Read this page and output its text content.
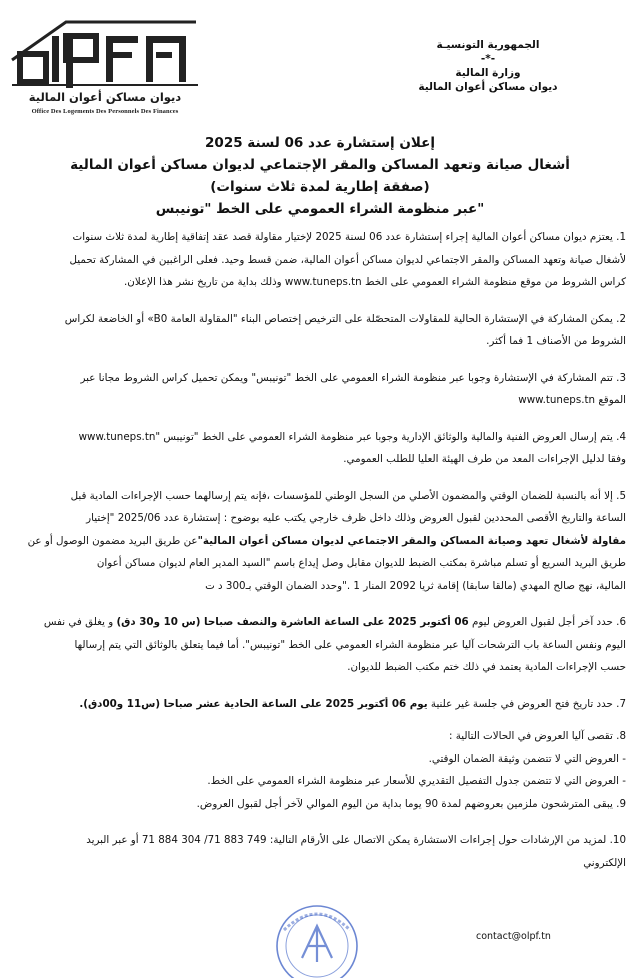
ديوان مساكن أعوان المالية
Office Des Logements Des Personnels Des Finances
الجمهورية التونسيـة
-*-
وزارة المالية
ديوان مساكن أعوان المالية
إعلان إستشارة عدد 06 لسنة 2025
أشغال صيانة وتعهد المساكن والمقر الإجتماعي لديوان مساكن أعوان المالية
(صفقة إطارية لمدة ثلاث سنوات)
"عبر منظومة الشراء العمومي على الخط "تونيبس
1. يعتزم ديوان مساكن أعوان المالية إجراء إستشارة عدد 06 لسنة 2025 لإختيار مقاولة قصد عقد إتفاقية إطارية لمدة ثلاث سنوات
لأشغال صيانة وتعهد المساكن والمقر الاجتماعي لديوان مساكن أعوان المالية، ضمن قسط وحيد. فعلى الراغبين في المشاركة تحميل
كراس الشروط من موقع منظومة الشراء العمومي على الخط www.tuneps.tn وذلك بداية من تاريخ نشر هذا الإعلان.
2. يمكن المشاركة في الإستشارة الحالية للمقاولات المتحصّلة على الترخيص إختصاص البناء "المقاولة العامة B0» أو الخاضعة لكراس
الشروط من الأصناف 1 فما أكثر.
3. تتم المشاركة في الإستشارة وجوبا عبر منظومة الشراء العمومي على الخط "تونيبس" ويمكن تحميل كراس الشروط مجانا عبر
الموقع www.tuneps.tn
4. يتم إرسال العروض الفنية والمالية والوثائق الإدارية وجوبا عبر منظومة الشراء العمومي على الخط "تونيبس "www.tuneps.tn
وفقا لدليل الإجراءات المعد من طرف الهيئة العليا للطلب العمومي.
5. إلا أنه بالنسبة للضمان الوقتي والمضمون الأصلي من السجل الوطني للمؤسسات ،فإنه يتم إرسالهما حسب الإجراءات المادية قبل
الساعة والتاريخ الأقصى المحددين لقبول العروض وذلك داخل ظرف خارجي يكتب عليه بوضوح : إستشارة عدد 2025/06 "إختيار
مقاولة لأشغال تعهد وصيانة المساكن والمقر الاجتماعي لديوان مساكن أعوان المالية"عن طريق البريد مضمون الوصول أو عن
طريق البريد السريع أو تسلم مباشرة بمكتب الضبط للديوان مقابل وصل إيداع باسم "السيد المدير العام لديوان مساكن أعوان
المالية، نهج صالح المهدي (مالقا سابقا) إقامة ثريا 2092 المنار 1 ."وحدد الضمان الوقتي بـ300 د ت
6. حدد آخر أجل لقبول العروض ليوم 06 أكتوبر 2025 على الساعة العاشرة والنصف صباحا (س 10 و30 دق) و يغلق في نفس
اليوم ونفس الساعة باب الترشحات آليا عبر منظومة الشراء العمومي على الخط "تونيبس". أما فيما يتعلق بالوثائق التي يتم إرسالها
حسب الإجراءات المادية يعتمد في ذلك ختم مكتب الضبط للديوان.
7. حدد تاريخ فتح العروض في جلسة غير علنية يوم 06 أكتوبر 2025 على الساعة الحادية عشر صباحا (س11 و00دق).
8. تقصى آليا العروض في الحالات التالية :
- العروض التي لا تتضمن وثيقة الضمان الوقتي.
- العروض التي لا تتضمن جدول التفصيل التقديري للأسعار عبر منظومة الشراء العمومي على الخط.
9. يبقى المترشحون ملزمين بعروضهم لمدة 90 يوما بداية من اليوم الموالي لآخر أجل لقبول العروض.
10. لمزيد من الإرشادات حول إجراءات الاستشارة يمكن الاتصال على الأرقام التالية: 749 883 71/ 304 884 71 أو عبر البريد
الإلكتروني
contact@olpf.tn
